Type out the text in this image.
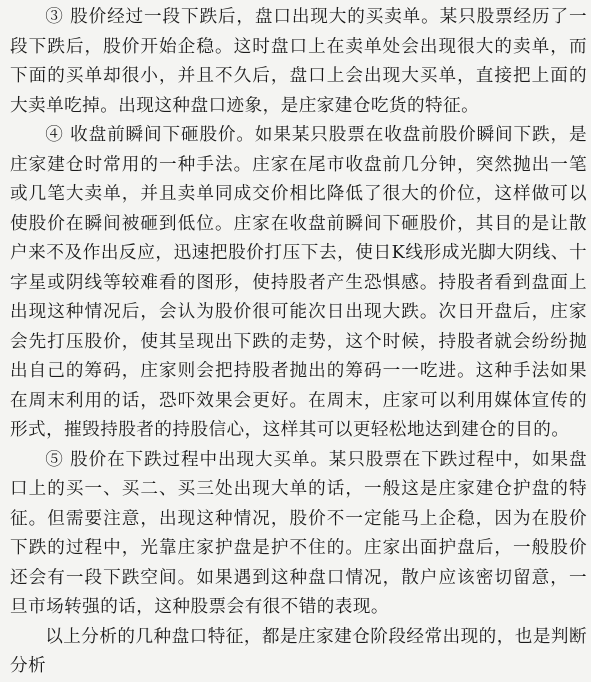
③ 股价经过一段下跌后，盘口出现大的买卖单。某只股票经历了一段下跌后，股价开始企稳。这时盘口上在卖单处会出现很大的卖单，而下面的买单却很小，并且不久后，盘口上会出现大买单，直接把上面的大卖单吃掉。出现这种盘口迹象，是庄家建仓吃货的特征。

④ 收盘前瞬间下砸股价。如果某只股票在收盘前股价瞬间下跌，是庄家建仓时常用的一种手法。庄家在尾市收盘前几分钟，突然抛出一笔或几笔大卖单，并且卖单同成交价相比降低了很大的价位，这样做可以使股价在瞬间被砸到低位。庄家在收盘前瞬间下砸股价，其目的是让散户来不及作出反应，迅速把股价打压下去，使日K线形成光脚大阴线、十字星或阴线等较难看的图形，使持股者产生恐惧感。持股者看到盘面上出现这种情况后，会认为股价很可能次日出现大跌。次日开盘后，庄家会先打压股价，使其呈现出下跌的走势，这个时候，持股者就会纷纷抛出自己的筹码，庄家则会把持股者抛出的筹码一一吃进。这种手法如果在周末利用的话，恐吓效果会更好。在周末，庄家可以利用媒体宣传的形式，摧毁持股者的持股信心，这样其可以更轻松地达到建仓的目的。

⑤ 股价在下跌过程中出现大买单。某只股票在下跌过程中，如果盘口上的买一、买二、买三处出现大单的话，一般这是庄家建仓护盘的特征。但需要注意，出现这种情况，股价不一定能马上企稳，因为在股价下跌的过程中，光靠庄家护盘是护不住的。庄家出面护盘后，一般股价还会有一段下跌空间。如果遇到这种盘口情况，散户应该密切留意，一旦市场转强的话，这种股票会有很不错的表现。

以上分析的几种盘口特征，都是庄家建仓阶段经常出现的，也是判断分析
